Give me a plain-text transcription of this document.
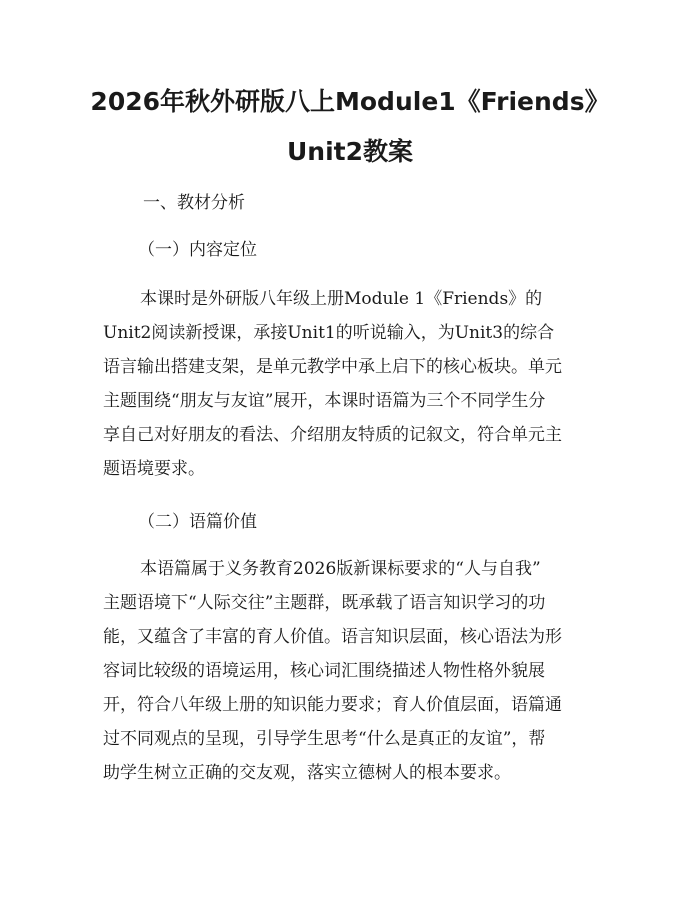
2026年秋外研版八上Module1《Friends》
Unit2教案
一、教材分析
（一）内容定位
本课时是外研版八年级上册Module 1《Friends》的
Unit2阅读新授课，承接Unit1的听说输入，为Unit3的综合
语言输出搭建支架，是单元教学中承上启下的核心板块。单元
主题围绕“朋友与友谊”展开，本课时语篇为三个不同学生分
享自己对好朋友的看法、介绍朋友特质的记叙文，符合单元主
题语境要求。
（二）语篇价值
本语篇属于义务教育2026版新课标要求的“人与自我”
主题语境下“人际交往”主题群，既承载了语言知识学习的功
能，又蕴含了丰富的育人价值。语言知识层面，核心语法为形
容词比较级的语境运用，核心词汇围绕描述人物性格外貌展
开，符合八年级上册的知识能力要求；育人价值层面，语篇通
过不同观点的呈现，引导学生思考“什么是真正的友谊”，帮
助学生树立正确的交友观，落实立德树人的根本要求。
